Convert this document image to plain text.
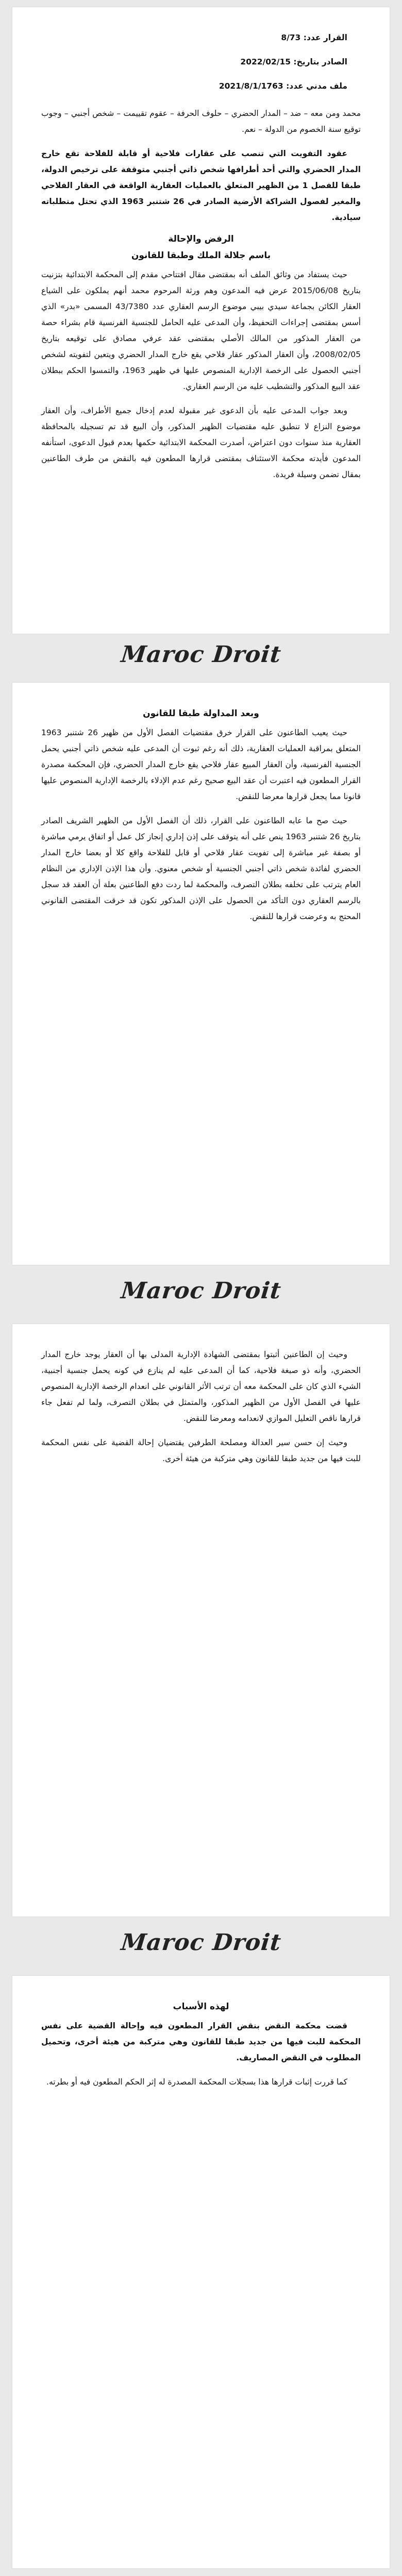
القرار عدد: 8/73

الصادر بتاريخ: 2022/02/15

ملف مدني عدد: 2021/8/1/1763

محمد ومن معه – ضد – المدار الحضري – حلوف الحرفة – عقوم تقييمت – شخص أجنبي – وجوب توقيع سنة الخصوم من الدولة – نعم.

عقود التفويت التي تنصب على عقارات فلاحية أو قابلة للفلاحة تقع خارج المدار الحضري والتي أحد أطرافها شخص ذاتي أجنبي متوقفة على ترخيص الدولة، طبقا للفصل 1 من الظهير المتعلق بالعمليات العقارية الواقعة في العقار الفلاحي والمغير لفصول الشراكة الأرضية الصادر في 26 شتنبر 1963 الذي تحتل متطلباته سيادية.

الرفض والإحالة
باسم جلالة الملك وطبقا للقانون

حيث يستفاد من وثائق الملف أنه بمقتضى مقال افتتاحي مقدم إلى المحكمة الابتدائية بتزنيت بتاريخ 2015/06/08 عرض فيه المدعون وهم ورثة المرحوم محمد أنهم يملكون على الشياع العقار الكائن بجماعة سيدي بيبي موضوع الرسم العقاري عدد 43/7380 المسمى «بدر» الذي أسس بمقتضى إجراءات التحفيظ، وأن المدعى عليه الحامل للجنسية الفرنسية قام بشراء حصة من العقار المذكور من المالك الأصلي بمقتضى عقد عرفي مصادق على توقيعه بتاريخ 2008/02/05، وأن العقار المذكور عقار فلاحي يقع خارج المدار الحضري ويتعين لتفويته لشخص أجنبي الحصول على الرخصة الإدارية المنصوص عليها في ظهير 1963، والتمسوا الحكم ببطلان عقد البيع المذكور والتشطيب عليه من الرسم العقاري.

وبعد جواب المدعى عليه بأن الدعوى غير مقبولة لعدم إدخال جميع الأطراف، وأن العقار موضوع النزاع لا تنطبق عليه مقتضيات الظهير المذكور، وأن البيع قد تم تسجيله بالمحافظة العقارية منذ سنوات دون اعتراض، أصدرت المحكمة الابتدائية حكمها بعدم قبول الدعوى، استأنفه المدعون فأيدته محكمة الاستئناف بمقتضى قرارها المطعون فيه بالنقض من طرف الطاعنين بمقال تضمن وسيلة فريدة.

Maroc Droit
وبعد المداولة طبقا للقانون

حيث يعيب الطاعنون على القرار خرق مقتضيات الفصل الأول من ظهير 26 شتنبر 1963 المتعلق بمراقبة العمليات العقارية، ذلك أنه رغم ثبوت أن المدعى عليه شخص ذاتي أجنبي يحمل الجنسية الفرنسية، وأن العقار المبيع عقار فلاحي يقع خارج المدار الحضري، فإن المحكمة مصدرة القرار المطعون فيه اعتبرت أن عقد البيع صحيح رغم عدم الإدلاء بالرخصة الإدارية المنصوص عليها قانونا مما يجعل قرارها معرضا للنقض.

حيث صح ما عابه الطاعنون على القرار، ذلك أن الفصل الأول من الظهير الشريف الصادر بتاريخ 26 شتنبر 1963 ينص على أنه يتوقف على إذن إداري إنجاز كل عمل أو اتفاق يرمي مباشرة أو بصفة غير مباشرة إلى تفويت عقار فلاحي أو قابل للفلاحة واقع كلا أو بعضا خارج المدار الحضري لفائدة شخص ذاتي أجنبي الجنسية أو شخص معنوي. وأن هذا الإذن الإداري من النظام العام يترتب على تخلفه بطلان التصرف، والمحكمة لما ردت دفع الطاعنين بعلة أن العقد قد سجل بالرسم العقاري دون التأكد من الحصول على الإذن المذكور تكون قد خرقت المقتضى القانوني المحتج به وعرضت قرارها للنقض.

Maroc Droit

وحيث إن الطاعنين أثبتوا بمقتضى الشهادة الإدارية المدلى بها أن العقار يوجد خارج المدار الحضري، وأنه ذو صبغة فلاحية، كما أن المدعى عليه لم ينازع في كونه يحمل جنسية أجنبية، الشيء الذي كان على المحكمة معه أن ترتب الأثر القانوني على انعدام الرخصة الإدارية المنصوص عليها في الفصل الأول من الظهير المذكور، والمتمثل في بطلان التصرف، ولما لم تفعل جاء قرارها ناقص التعليل الموازي لانعدامه ومعرضا للنقض.

وحيث إن حسن سير العدالة ومصلحة الطرفين يقتضيان إحالة القضية على نفس المحكمة للبت فيها من جديد طبقا للقانون وهي متركبة من هيئة أخرى.

Maroc Droit
لهذه الأسباب

قضت محكمة النقض بنقض القرار المطعون فيه وإحالة القضية على نفس المحكمة للبت فيها من جديد طبقا للقانون وهي متركبة من هيئة أخرى، وتحميل المطلوب في النقض المصاريف.

كما قررت إثبات قرارها هذا بسجلات المحكمة المصدرة له إثر الحكم المطعون فيه أو بطرته.
